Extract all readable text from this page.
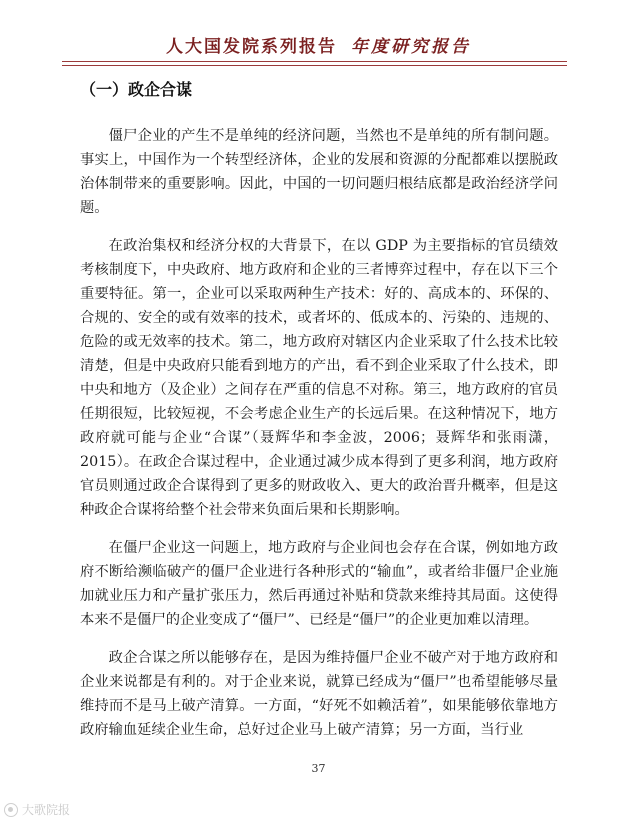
人大国发院系列报告 年度研究报告
（一）政企合谋

僵尸企业的产生不是单纯的经济问题，当然也不是单纯的所有制问题。事实上，中国作为一个转型经济体，企业的发展和资源的分配都难以摆脱政治体制带来的重要影响。因此，中国的一切问题归根结底都是政治经济学问题。

在政治集权和经济分权的大背景下，在以 GDP 为主要指标的官员绩效考核制度下，中央政府、地方政府和企业的三者博弈过程中，存在以下三个重要特征。第一，企业可以采取两种生产技术：好的、高成本的、环保的、合规的、安全的或有效率的技术，或者坏的、低成本的、污染的、违规的、危险的或无效率的技术。第二，地方政府对辖区内企业采取了什么技术比较清楚，但是中央政府只能看到地方的产出，看不到企业采取了什么技术，即中央和地方（及企业）之间存在严重的信息不对称。第三，地方政府的官员任期很短，比较短视，不会考虑企业生产的长远后果。在这种情况下，地方政府就可能与企业“合谋”（聂辉华和李金波，2006；聂辉华和张雨潇，2015）。在政企合谋过程中，企业通过减少成本得到了更多利润，地方政府官员则通过政企合谋得到了更多的财政收入、更大的政治晋升概率，但是这种政企合谋将给整个社会带来负面后果和长期影响。

在僵尸企业这一问题上，地方政府与企业间也会存在合谋，例如地方政府不断给濒临破产的僵尸企业进行各种形式的“输血”，或者给非僵尸企业施加就业压力和产量扩张压力，然后再通过补贴和贷款来维持其局面。这使得本来不是僵尸的企业变成了“僵尸”、已经是“僵尸”的企业更加难以清理。

政企合谋之所以能够存在，是因为维持僵尸企业不破产对于地方政府和企业来说都是有利的。对于企业来说，就算已经成为“僵尸”也希望能够尽量维持而不是马上破产清算。一方面，“好死不如赖活着”，如果能够依靠地方政府输血延续企业生命，总好过企业马上破产清算；另一方面，当行业

37
大歌院报
